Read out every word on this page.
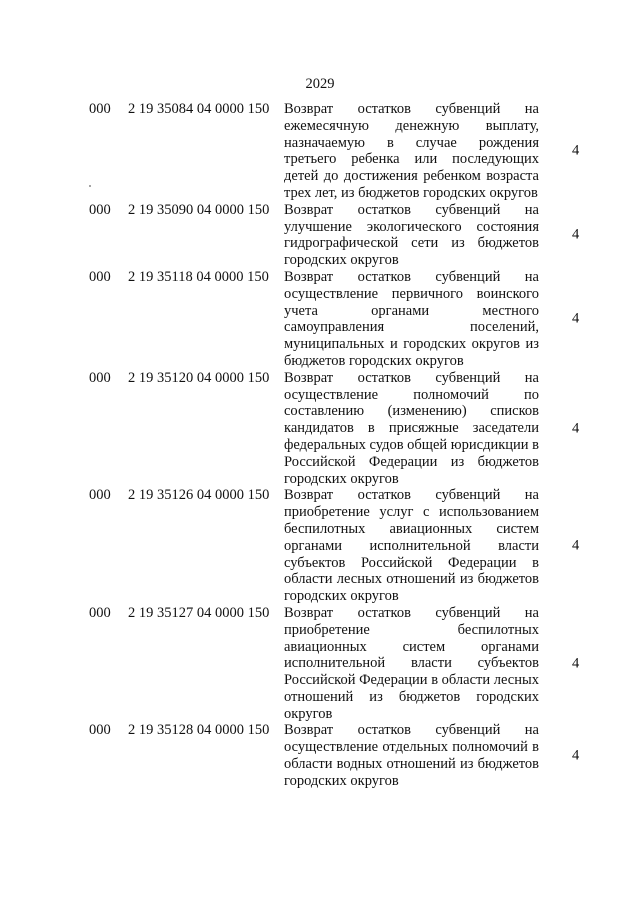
2029
000 2 19 35084 04 0000 150 Возврат остатков субвенций на ежемесячную денежную выплату, назначаемую в случае рождения третьего ребенка или последующих детей до достижения ребенком возраста трех лет, из бюджетов городских округов
4
000 2 19 35090 04 0000 150 Возврат остатков субвенций на улучшение экологического состояния гидрографической сети из бюджетов городских округов
4
000 2 19 35118 04 0000 150 Возврат остатков субвенций на осуществление первичного воинского учета органами местного самоуправления поселений, муниципальных и городских округов из бюджетов городских округов
4
000 2 19 35120 04 0000 150 Возврат остатков субвенций на осуществление полномочий по составлению (изменению) списков кандидатов в присяжные заседатели федеральных судов общей юрисдикции в Российской Федерации из бюджетов городских округов
4
000 2 19 35126 04 0000 150 Возврат остатков субвенций на приобретение услуг с использованием беспилотных авиационных систем органами исполнительной власти субъектов Российской Федерации в области лесных отношений из бюджетов городских округов
4
000 2 19 35127 04 0000 150 Возврат остатков субвенций на приобретение беспилотных авиационных систем органами исполнительной власти субъектов Российской Федерации в области лесных отношений из бюджетов городских округов
4
000 2 19 35128 04 0000 150 Возврат остатков субвенций на осуществление отдельных полномочий в области водных отношений из бюджетов городских округов
4
